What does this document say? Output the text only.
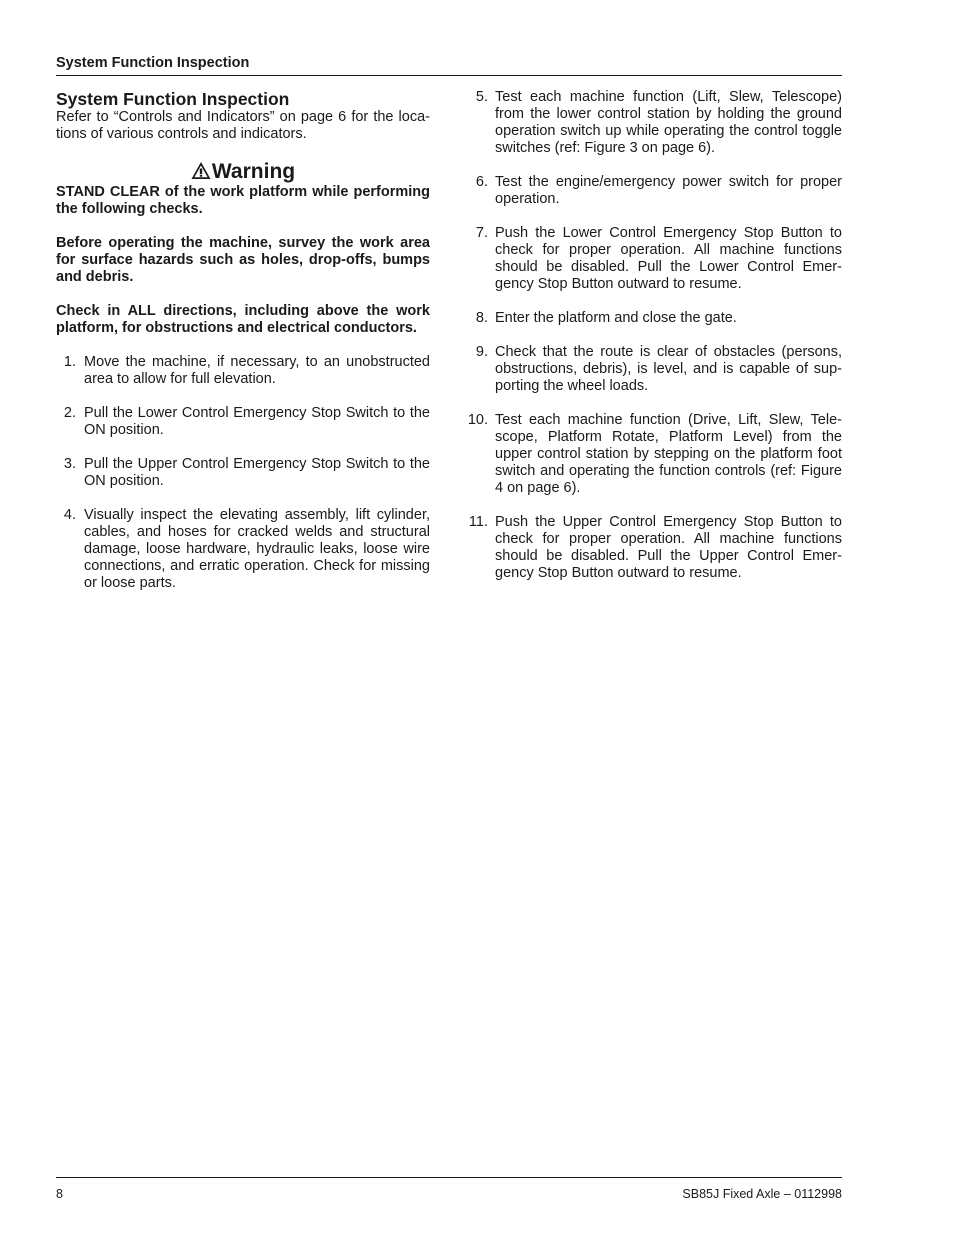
System Function Inspection
System Function Inspection

Refer to “Controls and Indicators” on page 6 for the locations of various controls and indicators.

Warning

STAND CLEAR of the work platform while performing the following checks.

Before operating the machine, survey the work area for surface hazards such as holes, drop-offs, bumps and debris.

Check in ALL directions, including above the work platform, for obstructions and electrical conductors.

1. Move the machine, if necessary, to an unobstructed area to allow for full elevation.
2. Pull the Lower Control Emergency Stop Switch to the ON position.
3. Pull the Upper Control Emergency Stop Switch to the ON position.
4. Visually inspect the elevating assembly, lift cylinder, cables, and hoses for cracked welds and structural damage, loose hardware, hydraulic leaks, loose wire connections, and erratic operation. Check for missing or loose parts.
5. Test each machine function (Lift, Slew, Telescope) from the lower control station by holding the ground operation switch up while operating the control toggle switches (ref: Figure 3 on page 6).
6. Test the engine/emergency power switch for proper operation.
7. Push the Lower Control Emergency Stop Button to check for proper operation. All machine functions should be disabled. Pull the Lower Control Emergency Stop Button outward to resume.
8. Enter the platform and close the gate.
9. Check that the route is clear of obstacles (persons, obstructions, debris), is level, and is capable of supporting the wheel loads.
10. Test each machine function (Drive, Lift, Slew, Telescope, Platform Rotate, Platform Level) from the upper control station by stepping on the platform foot switch and operating the function controls (ref: Figure 4 on page 6).
11. Push the Upper Control Emergency Stop Button to check for proper operation. All machine functions should be disabled. Pull the Upper Control Emergency Stop Button outward to resume.
8	SB85J Fixed Axle – 0112998
